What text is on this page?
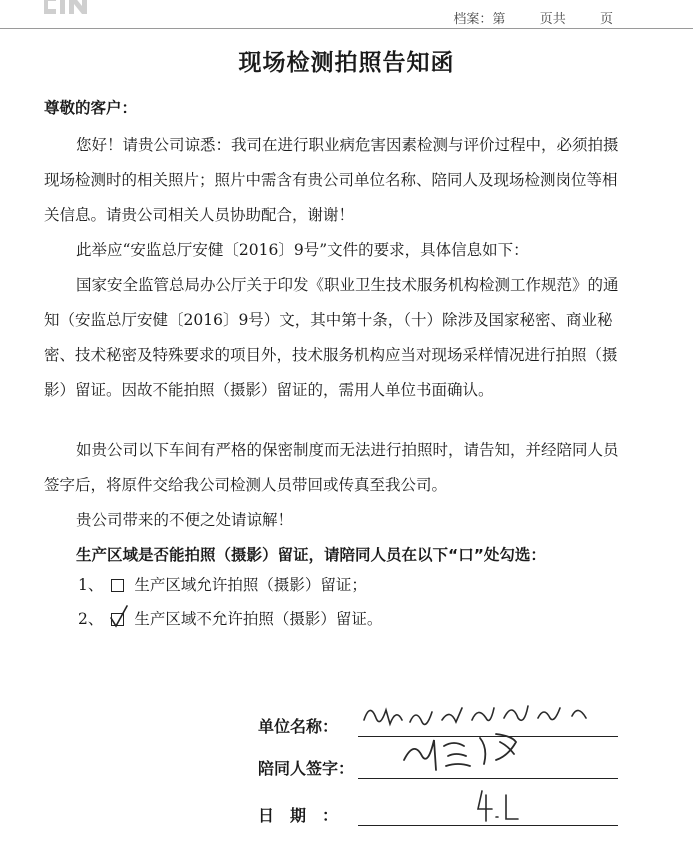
档案：第	页共	页
现场检测拍照告知函
尊敬的客户：

您好！请贵公司谅悉：我司在进行职业病危害因素检测与评价过程中，必须拍摄现场检测时的相关照片；照片中需含有贵公司单位名称、陪同人及现场检测岗位等相关信息。请贵公司相关人员协助配合，谢谢！

此举应“安监总厅安健〔2016〕9号”文件的要求，具体信息如下：

国家安全监管总局办公厅关于印发《职业卫生技术服务机构检测工作规范》的通知（安监总厅安健〔2016〕9号）文，其中第十条，（十）除涉及国家秘密、商业秘密、技术秘密及特殊要求的项目外，技术服务机构应当对现场采样情况进行拍照（摄影）留证。因故不能拍照（摄影）留证的，需用人单位书面确认。

如贵公司以下车间有严格的保密制度而无法进行拍照时，请告知，并经陪同人员签字后，将原件交给我公司检测人员带回或传真至我公司。

贵公司带来的不便之处请谅解！

生产区域是否能拍照（摄影）留证，请陪同人员在以下“口”处勾选：

1、 生产区域允许拍照（摄影）留证；
2、 生产区域不允许拍照（摄影）留证。
单位名称：
陪同人签字：
日　期　：
